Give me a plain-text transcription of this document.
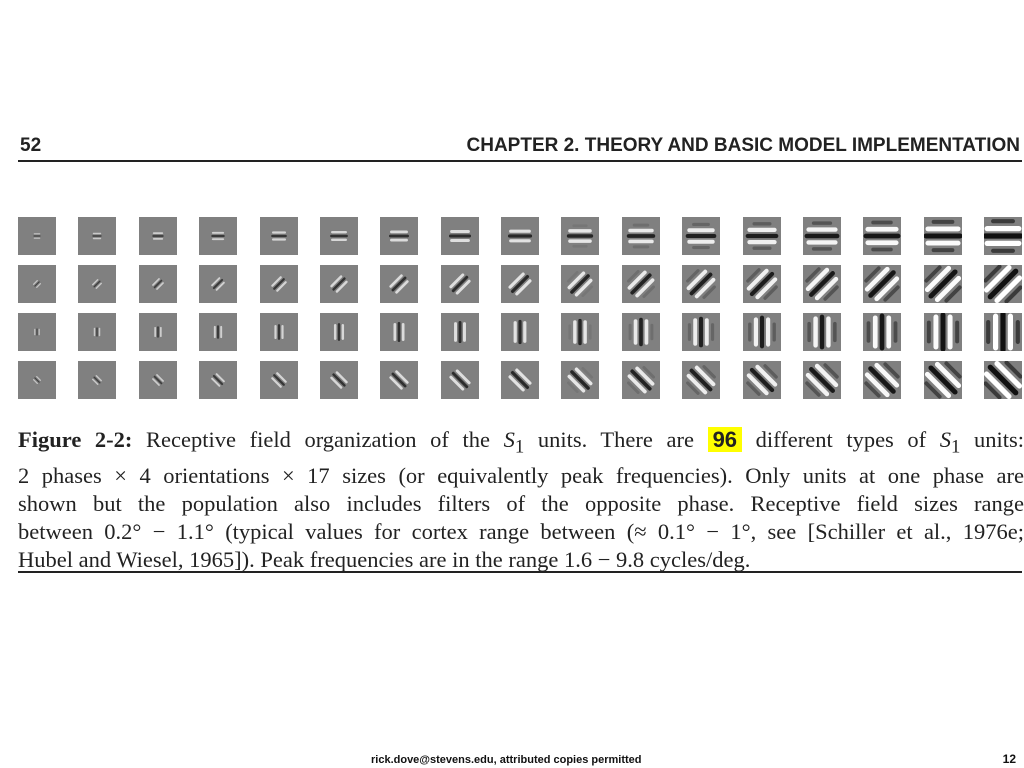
52	CHAPTER 2. THEORY AND BASIC MODEL IMPLEMENTATION
Figure 2-2: Receptive field organization of the $S_1$ units. There are 96 different types of $S_1$ units:
2 phases × 4 orientations × 17 sizes (or equivalently peak frequencies). Only units at one phase are
shown but the population also includes filters of the opposite phase. Receptive field sizes range
between 0.2° − 1.1° (typical values for cortex range between (≈ 0.1° − 1°, see [Schiller et al., 1976e;
Hubel and Wiesel, 1965]). Peak frequencies are in the range 1.6 − 9.8 cycles/deg.
rick.dove@stevens.edu, attributed copies permitted	12
